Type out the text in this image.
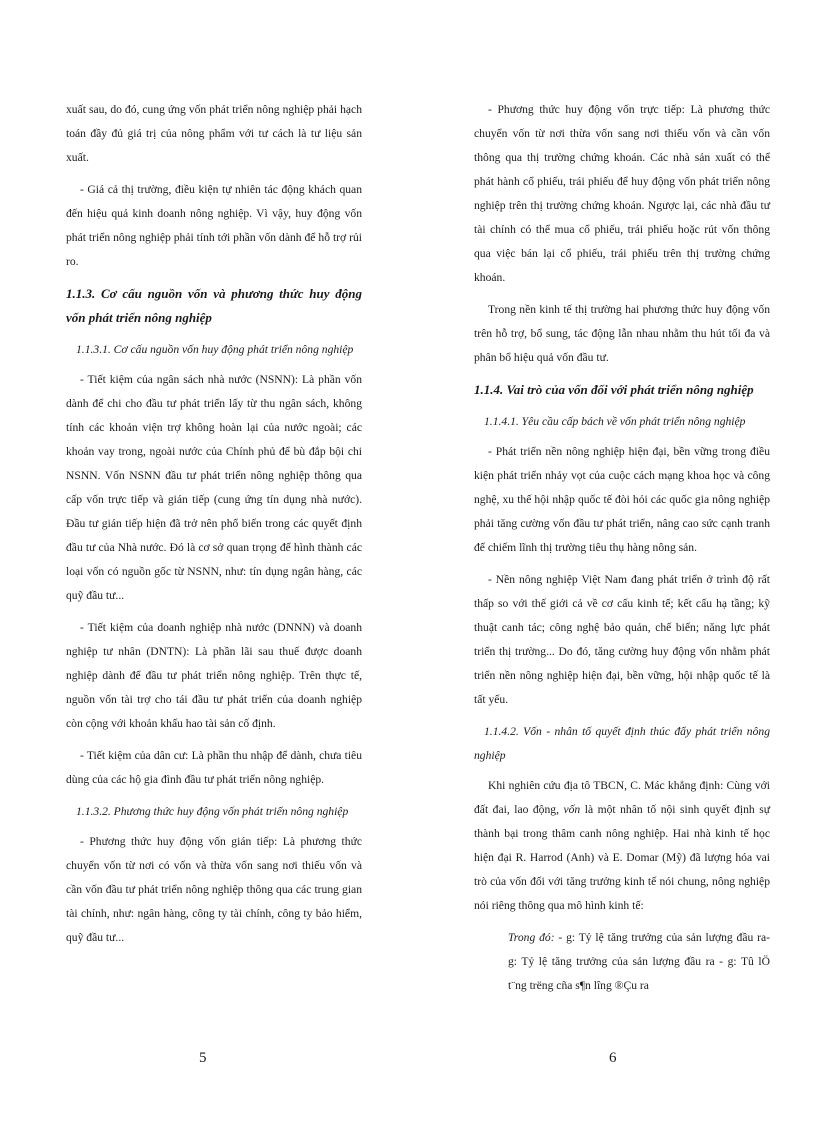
xuất sau, do đó, cung ứng vốn phát triển nông nghiệp phải hạch toán đầy đủ giá trị của nông phẩm với tư cách là tư liệu sản xuất.

- Giá cả thị trường, điều kiện tự nhiên tác động khách quan đến hiệu quả kinh doanh nông nghiệp. Vì vậy, huy động vốn phát triển nông nghiệp phải tính tới phần vốn dành để hỗ trợ rủi ro.

1.1.3. Cơ cấu nguồn vốn và phương thức huy động vốn phát triển nông nghiệp
1.1.3.1. Cơ cấu nguồn vốn huy động phát triển nông nghiệp

- Tiết kiệm của ngân sách nhà nước (NSNN): Là phần vốn dành để chi cho đầu tư phát triển lấy từ thu ngân sách, không tính các khoản viện trợ không hoàn lại của nước ngoài; các khoản vay trong, ngoài nước của Chính phủ để bù đắp bội chi NSNN. Vốn NSNN đầu tư phát triển nông nghiệp thông qua cấp vốn trực tiếp và gián tiếp (cung ứng tín dụng nhà nước). Đầu tư gián tiếp hiện đã trở nên phổ biến trong các quyết định đầu tư của Nhà nước. Đó là cơ sở quan trọng để hình thành các loại vốn có nguồn gốc từ NSNN, như: tín dụng ngân hàng, các quỹ đầu tư...

- Tiết kiệm của doanh nghiệp nhà nước (DNNN) và doanh nghiệp tư nhân (DNTN): Là phần lãi sau thuế được doanh nghiệp dành để đầu tư phát triển nông nghiệp. Trên thực tế, nguồn vốn tài trợ cho tái đầu tư phát triển của doanh nghiệp còn cộng với khoản khấu hao tài sản cố định.

- Tiết kiệm của dân cư: Là phần thu nhập để dành, chưa tiêu dùng của các hộ gia đình đầu tư phát triển nông nghiệp.

1.1.3.2. Phương thức huy động vốn phát triển nông nghiệp

- Phương thức huy động vốn gián tiếp: Là phương thức chuyển vốn từ nơi có vốn và thừa vốn sang nơi thiếu vốn và cần vốn đầu tư phát triển nông nghiệp thông qua các trung gian tài chính, như: ngân hàng, công ty tài chính, công ty bảo hiểm, quỹ đầu tư...

- Phương thức huy động vốn trực tiếp: Là phương thức chuyển vốn từ nơi thừa vốn sang nơi thiếu vốn và cần vốn thông qua thị trường chứng khoán. Các nhà sản xuất có thể phát hành cổ phiếu, trái phiếu để huy động vốn phát triển nông nghiệp trên thị trường chứng khoán. Ngược lại, các nhà đầu tư tài chính có thể mua cổ phiếu, trái phiếu hoặc rút vốn thông qua việc bán lại cổ phiếu, trái phiếu trên thị trường chứng khoán.

Trong nền kinh tế thị trường hai phương thức huy động vốn trên hỗ trợ, bổ sung, tác động lẫn nhau nhằm thu hút tối đa và phân bổ hiệu quả vốn đầu tư.

1.1.4. Vai trò của vốn đối với phát triển nông nghiệp
1.1.4.1. Yêu cầu cấp bách về vốn phát triển nông nghiệp

- Phát triển nền nông nghiệp hiện đại, bền vững trong điều kiện phát triển nhảy vọt của cuộc cách mạng khoa học và công nghệ, xu thế hội nhập quốc tế đòi hỏi các quốc gia nông nghiệp phải tăng cường vốn đầu tư phát triển, nâng cao sức cạnh tranh để chiếm lĩnh thị trường tiêu thụ hàng nông sản.

- Nền nông nghiệp Việt Nam đang phát triển ở trình độ rất thấp so với thế giới cả về cơ cấu kinh tế; kết cấu hạ tầng; kỹ thuật canh tác; công nghệ bảo quản, chế biến; năng lực phát triển thị trường... Do đó, tăng cường huy động vốn nhằm phát triển nền nông nghiệp hiện đại, bền vững, hội nhập quốc tế là tất yếu.

1.1.4.2. Vốn - nhân tố quyết định thúc đẩy phát triển nông nghiệp

Khi nghiên cứu địa tô TBCN, C. Mác khẳng định: Cùng với đất đai, lao động, vốn là một nhân tố nội sinh quyết định sự thành bại trong thâm canh nông nghiệp. Hai nhà kinh tế học hiện đại R. Harrod (Anh) và E. Domar (Mỹ) đã lượng hóa vai trò của vốn đối với tăng trưởng kinh tế nói chung, nông nghiệp nói riêng thông qua mô hình kinh tế:

Trong đó: - g: Tỷ lệ tăng trưởng của sản lượng đầu ra- g: Tỷ lệ tăng trưởng của sản lượng đầu ra - g: Tû lÖ t¨ng trëng cña s¶n lîng ®Çu ra

5	6
